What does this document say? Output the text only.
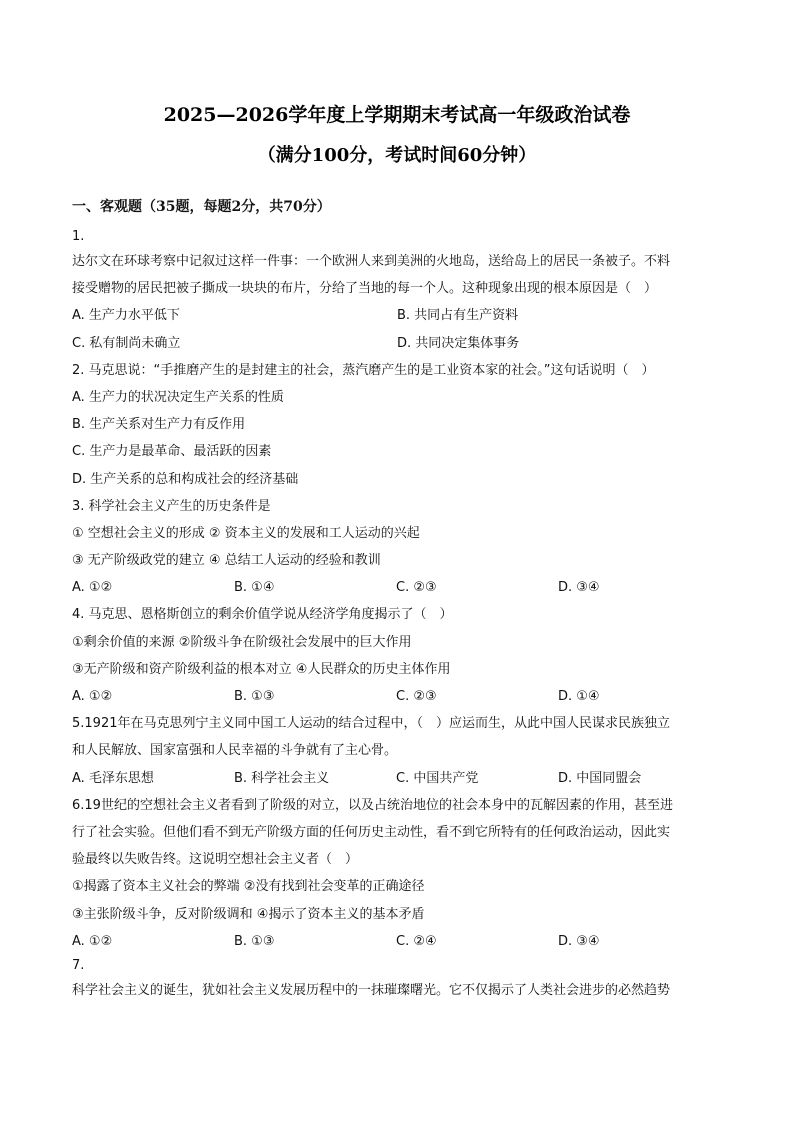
2025—2026学年度上学期期末考试高一年级政治试卷
（满分100分，考试时间60分钟）
一、客观题（35题，每题2分，共70分）
1.
达尔文在环球考察中记叙过这样一件事：一个欧洲人来到美洲的火地岛，送给岛上的居民一条被子。不料
接受赠物的居民把被子撕成一块块的布片，分给了当地的每一个人。这种现象出现的根本原因是（　）
A. 生产力水平低下	B. 共同占有生产资料
C. 私有制尚未确立	D. 共同决定集体事务
2. 马克思说：“手推磨产生的是封建主的社会，蒸汽磨产生的是工业资本家的社会。”这句话说明（　）
A. 生产力的状况决定生产关系的性质
B. 生产关系对生产力有反作用
C. 生产力是最革命、最活跃的因素
D. 生产关系的总和构成社会的经济基础
3. 科学社会主义产生的历史条件是
① 空想社会主义的形成 ② 资本主义的发展和工人运动的兴起
③ 无产阶级政党的建立 ④ 总结工人运动的经验和教训
A. ①②	B. ①④	C. ②③	D. ③④
4. 马克思、恩格斯创立的剩余价值学说从经济学角度揭示了（　）
①剩余价值的来源 ②阶级斗争在阶级社会发展中的巨大作用
③无产阶级和资产阶级利益的根本对立 ④人民群众的历史主体作用
A. ①②	B. ①③	C. ②③	D. ①④
5.1921年在马克思列宁主义同中国工人运动的结合过程中，（　）应运而生，从此中国人民谋求民族独立
和人民解放、国家富强和人民幸福的斗争就有了主心骨。
A. 毛泽东思想	B. 科学社会主义	C. 中国共产党	D. 中国同盟会
6.19世纪的空想社会主义者看到了阶级的对立，以及占统治地位的社会本身中的瓦解因素的作用，甚至进
行了社会实验。但他们看不到无产阶级方面的任何历史主动性，看不到它所特有的任何政治运动，因此实
验最终以失败告终。这说明空想社会主义者（　）
①揭露了资本主义社会的弊端 ②没有找到社会变革的正确途径
③主张阶级斗争，反对阶级调和 ④揭示了资本主义的基本矛盾
A. ①②	B. ①③	C. ②④	D. ③④
7.
科学社会主义的诞生，犹如社会主义发展历程中的一抹璀璨曙光。它不仅揭示了人类社会进步的必然趋势
